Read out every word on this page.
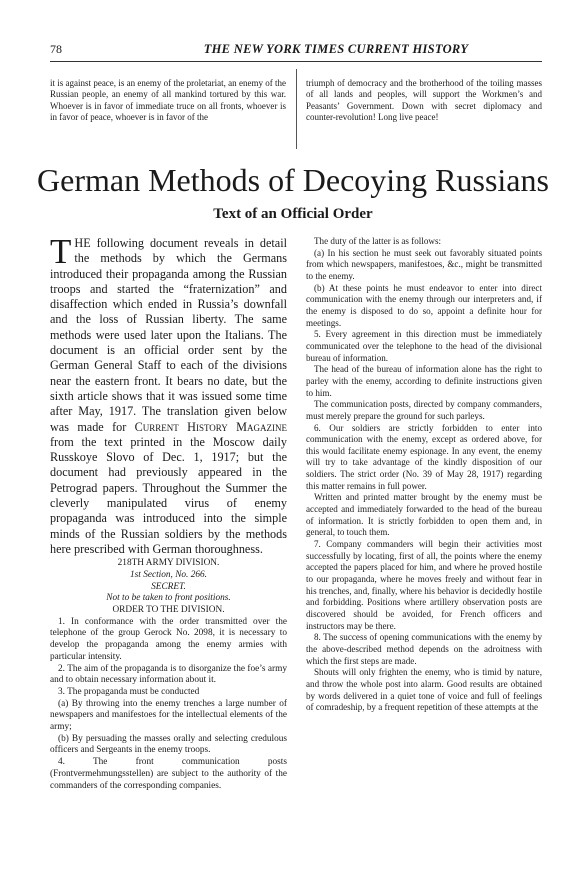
78	THE NEW YORK TIMES CURRENT HISTORY

it is against peace, is an enemy of the proletariat, an enemy of the Russian people, an enemy of all mankind tortured by this war. Whoever is in favor of immediate truce on all fronts, whoever is in favor of peace, whoever is in favor of the

triumph of democracy and the brotherhood of the toiling masses of all lands and peoples, will support the Workmen’s and Peasants’ Government. Down with secret diplomacy and counter-revolution! Long live peace!

German Methods of Decoying Russians
Text of an Official Order

THE following document reveals in detail the methods by which the Germans introduced their propaganda among the Russian troops and started the “fraternization” and disaffection which ended in Russia’s downfall and the loss of Russian liberty. The same methods were used later upon the Italians. The document is an official order sent by the German General Staff to each of the divisions near the eastern front. It bears no date, but the sixth article shows that it was issued some time after May, 1917. The translation given below was made for Current History Magazine from the text printed in the Moscow daily Russkoye Slovo of Dec. 1, 1917; but the document had previously appeared in the Petrograd papers. Throughout the Summer the cleverly manipulated virus of enemy propaganda was introduced into the simple minds of the Russian soldiers by the methods here prescribed with German thoroughness.

218TH ARMY DIVISION.

1st Section, No. 266.

SECRET.

Not to be taken to front positions.

ORDER TO THE DIVISION.

1. In conformance with the order transmitted over the telephone of the group Gerock No. 2098, it is necessary to develop the propaganda among the enemy armies with particular intensity.

2. The aim of the propaganda is to disorganize the foe’s army and to obtain necessary information about it.

3. The propaganda must be conducted

(a) By throwing into the enemy trenches a large number of newspapers and manifestoes for the intellectual elements of the army;

(b) By persuading the masses orally and selecting credulous officers and Sergeants in the enemy troops.

4. The front communication posts (Frontvermehmungsstellen) are subject to the authority of the commanders of the corresponding companies.

The duty of the latter is as follows:

(a) In his section he must seek out favorably situated points from which newspapers, manifestoes, &c., might be transmitted to the enemy.

(b) At these points he must endeavor to enter into direct communication with the enemy through our interpreters and, if the enemy is disposed to do so, appoint a definite hour for meetings.

5. Every agreement in this direction must be immediately communicated over the telephone to the head of the divisional bureau of information.

The head of the bureau of information alone has the right to parley with the enemy, according to definite instructions given to him.

The communication posts, directed by company commanders, must merely prepare the ground for such parleys.

6. Our soldiers are strictly forbidden to enter into communication with the enemy, except as ordered above, for this would facilitate enemy espionage. In any event, the enemy will try to take advantage of the kindly disposition of our soldiers. The strict order (No. 39 of May 28, 1917) regarding this matter remains in full power.

Written and printed matter brought by the enemy must be accepted and immediately forwarded to the head of the bureau of information. It is strictly forbidden to open them and, in general, to touch them.

7. Company commanders will begin their activities most successfully by locating, first of all, the points where the enemy accepted the papers placed for him, and where he proved hostile to our propaganda, where he moves freely and without fear in his trenches, and, finally, where his behavior is decidedly hostile and forbidding. Positions where artillery observation posts are discovered should be avoided, for French officers and instructors may be there.

8. The success of opening communications with the enemy by the above-described method depends on the adroitness with which the first steps are made.

Shouts will only frighten the enemy, who is timid by nature, and throw the whole post into alarm. Good results are obtained by words delivered in a quiet tone of voice and full of feelings of comradeship, by a frequent repetition of these attempts at the
